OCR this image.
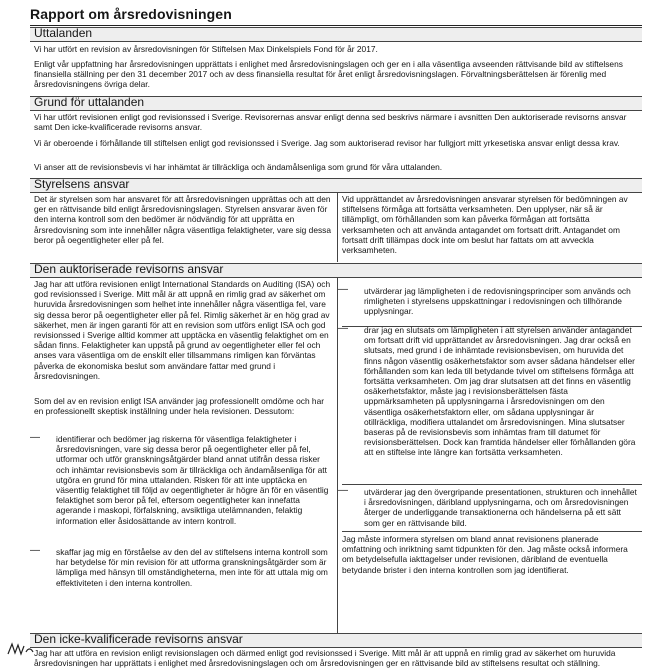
Rapport om årsredovisningen
Uttalanden

Vi har utfört en revision av årsredovisningen för Stiftelsen Max Dinkelspiels Fond för år 2017.

Enligt vår uppfattning har årsredovisningen upprättats i enlighet med årsredovisningslagen och ger en i alla väsentliga avseenden rättvisande bild av stiftelsens finansiella ställning per den 31 december 2017 och av dess finansiella resultat för året enligt årsredovisningslagen. Förvaltningsberättelsen är förenlig med årsredovisningens övriga delar.

Grund för uttalanden

Vi har utfört revisionen enligt god revisionssed i Sverige. Revisorernas ansvar enligt denna sed beskrivs närmare i avsnitten Den auktoriserade revisorns ansvar samt Den icke-kvalificerade revisorns ansvar.

Vi är oberoende i förhållande till stiftelsen enligt god revisionssed i Sverige. Jag som auktoriserad revisor har fullgjort mitt yrkesetiska ansvar enligt dessa krav.

Vi anser att de revisionsbevis vi har inhämtat är tillräckliga och ändamålsenliga som grund för våra uttalanden.

Styrelsens ansvar

Det är styrelsen som har ansvaret för att årsredovisningen upprättas och att den ger en rättvisande bild enligt årsredovisningslagen. Styrelsen ansvarar även för den interna kontroll som den bedömer är nödvändig för att upprätta en årsredovisning som inte innehåller några väsentliga felaktigheter, vare sig dessa beror på oegentligheter eller på fel.

Vid upprättandet av årsredovisningen ansvarar styrelsen för bedömningen av stiftelsens förmåga att fortsätta verksamheten. Den upplyser, när så är tillämpligt, om förhållanden som kan påverka förmågan att fortsätta verksamheten och att använda antagandet om fortsatt drift. Antagandet om fortsatt drift tillämpas dock inte om beslut har fattats om att avveckla verksamheten.

Den auktoriserade revisorns ansvar

Jag har att utföra revisionen enligt International Standards on Auditing (ISA) och god revisionssed i Sverige. Mitt mål är att uppnå en rimlig grad av säkerhet om huruvida årsredovisningen som helhet inte innehåller några väsentliga fel, vare sig dessa beror på oegentligheter eller på fel. Rimlig säkerhet är en hög grad av säkerhet, men är ingen garanti för att en revision som utförs enligt ISA och god revisionssed i Sverige alltid kommer att upptäcka en väsentlig felaktighet om en sådan finns. Felaktigheter kan uppstå på grund av oegentligheter eller fel och anses vara väsentliga om de enskilt eller tillsammans rimligen kan förväntas påverka de ekonomiska beslut som användare fattar med grund i årsredovisningen.

Som del av en revision enligt ISA använder jag professionellt omdöme och har en professionellt skeptisk inställning under hela revisionen. Dessutom:

— identifierar och bedömer jag riskerna för väsentliga felaktigheter i årsredovisningen, vare sig dessa beror på oegentligheter eller på fel, utformar och utför granskningsåtgärder bland annat utifrån dessa risker och inhämtar revisionsbevis som är tillräckliga och ändamålsenliga för att utgöra en grund för mina uttalanden. Risken för att inte upptäcka en väsentlig felaktighet till följd av oegentligheter är högre än för en väsentlig felaktighet som beror på fel, eftersom oegentligheter kan innefatta agerande i maskopi, förfalskning, avsiktliga utelämnanden, felaktig information eller åsidosättande av intern kontroll.

— skaffar jag mig en förståelse av den del av stiftelsens interna kontroll som har betydelse för min revision för att utforma granskningsåtgärder som är lämpliga med hänsyn till omständigheterna, men inte för att uttala mig om effektiviteten i den interna kontrollen.

— utvärderar jag lämpligheten i de redovisningsprinciper som används och rimligheten i styrelsens uppskattningar i redovisningen och tillhörande upplysningar.

— drar jag en slutsats om lämpligheten i att styrelsen använder antagandet om fortsatt drift vid upprättandet av årsredovisningen. Jag drar också en slutsats, med grund i de inhämtade revisionsbevisen, om huruvida det finns någon väsentlig osäkerhetsfaktor som avser sådana händelser eller förhållanden som kan leda till betydande tvivel om stiftelsens förmåga att fortsätta verksamheten. Om jag drar slutsatsen att det finns en väsentlig osäkerhetsfaktor, måste jag i revisionsberättelsen fästa uppmärksamheten på upplysningarna i årsredovisningen om den väsentliga osäkerhetsfaktorn eller, om sådana upplysningar är otillräckliga, modifiera uttalandet om årsredovisningen. Mina slutsatser baseras på de revisionsbevis som inhämtas fram till datumet för revisionsberättelsen. Dock kan framtida händelser eller förhållanden göra att en stiftelse inte längre kan fortsätta verksamheten.

— utvärderar jag den övergripande presentationen, strukturen och innehållet i årsredovisningen, däribland upplysningarna, och om årsredovisningen återger de underliggande transaktionerna och händelserna på ett sätt som ger en rättvisande bild.

Jag måste informera styrelsen om bland annat revisionens planerade omfattning och inriktning samt tidpunkten för den. Jag måste också informera om betydelsefulla iakttagelser under revisionen, däribland de eventuella betydande brister i den interna kontrollen som jag identifierat.

Den icke-kvalificerade revisorns ansvar

Jag har att utföra en revision enligt revisionslagen och därmed enligt god revisionssed i Sverige. Mitt mål är att uppnå en rimlig grad av säkerhet om huruvida årsredovisningen har upprättats i enlighet med årsredovisningslagen och om årsredovisningen ger en rättvisande bild av stiftelsens resultat och ställning.
